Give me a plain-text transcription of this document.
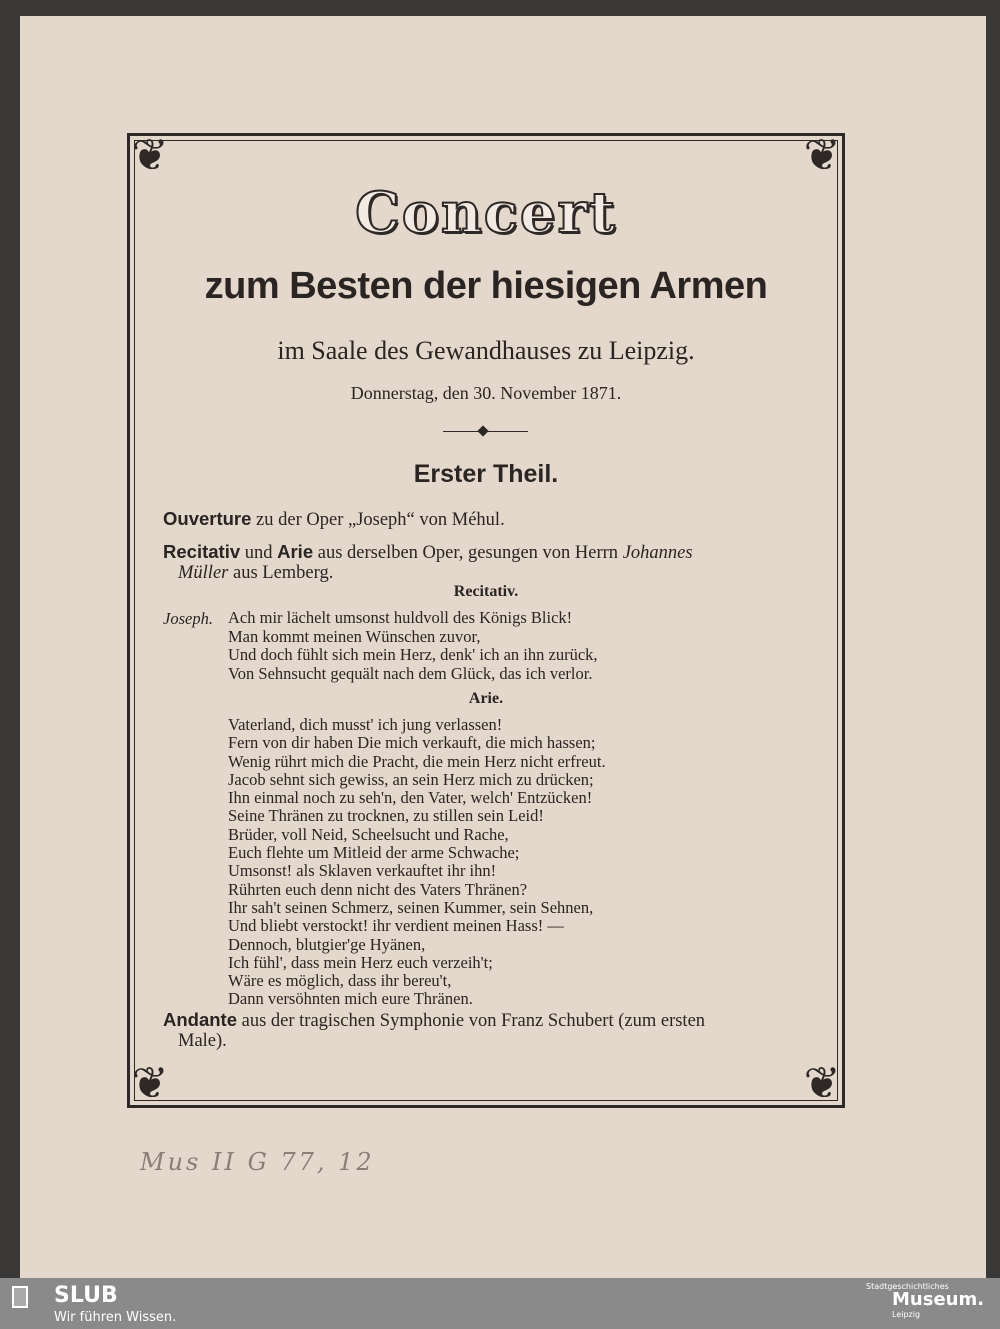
❦	❦
❦	❦
Concert
zum Besten der hiesigen Armen
im Saale des Gewandhauses zu Leipzig.
Donnerstag, den 30. November 1871.
Erster Theil.
Ouverture zu der Oper „Joseph“ von Méhul.
Recitativ und Arie aus derselben Oper, gesungen von Herrn Johannes
Müller aus Lemberg.
Recitativ.
Joseph. Ach mir lächelt umsonst huldvoll des Königs Blick!
Man kommt meinen Wünschen zuvor,
Und doch fühlt sich mein Herz, denk' ich an ihn zurück,
Von Sehnsucht gequält nach dem Glück, das ich verlor.
Arie.
Vaterland, dich musst' ich jung verlassen!
Fern von dir haben Die mich verkauft, die mich hassen;
Wenig rührt mich die Pracht, die mein Herz nicht erfreut.
Jacob sehnt sich gewiss, an sein Herz mich zu drücken;
Ihn einmal noch zu seh'n, den Vater, welch' Entzücken!
Seine Thränen zu trocknen, zu stillen sein Leid!
Brüder, voll Neid, Scheelsucht und Rache,
Euch flehte um Mitleid der arme Schwache;
Umsonst! als Sklaven verkauftet ihr ihn!
Rührten euch denn nicht des Vaters Thränen?
Ihr sah't seinen Schmerz, seinen Kummer, sein Sehnen,
Und bliebt verstockt! ihr verdient meinen Hass! —
Dennoch, blutgier'ge Hyänen,
Ich fühl', dass mein Herz euch verzeih't;
Wäre es möglich, dass ihr bereu't,
Dann versöhnten mich eure Thränen.
Andante aus der tragischen Symphonie von Franz Schubert (zum ersten
Male).
Mus II G 77, 12
SLUB
Wir führen Wissen.
Stadtgeschichtliches
Museum.
Leipzig
